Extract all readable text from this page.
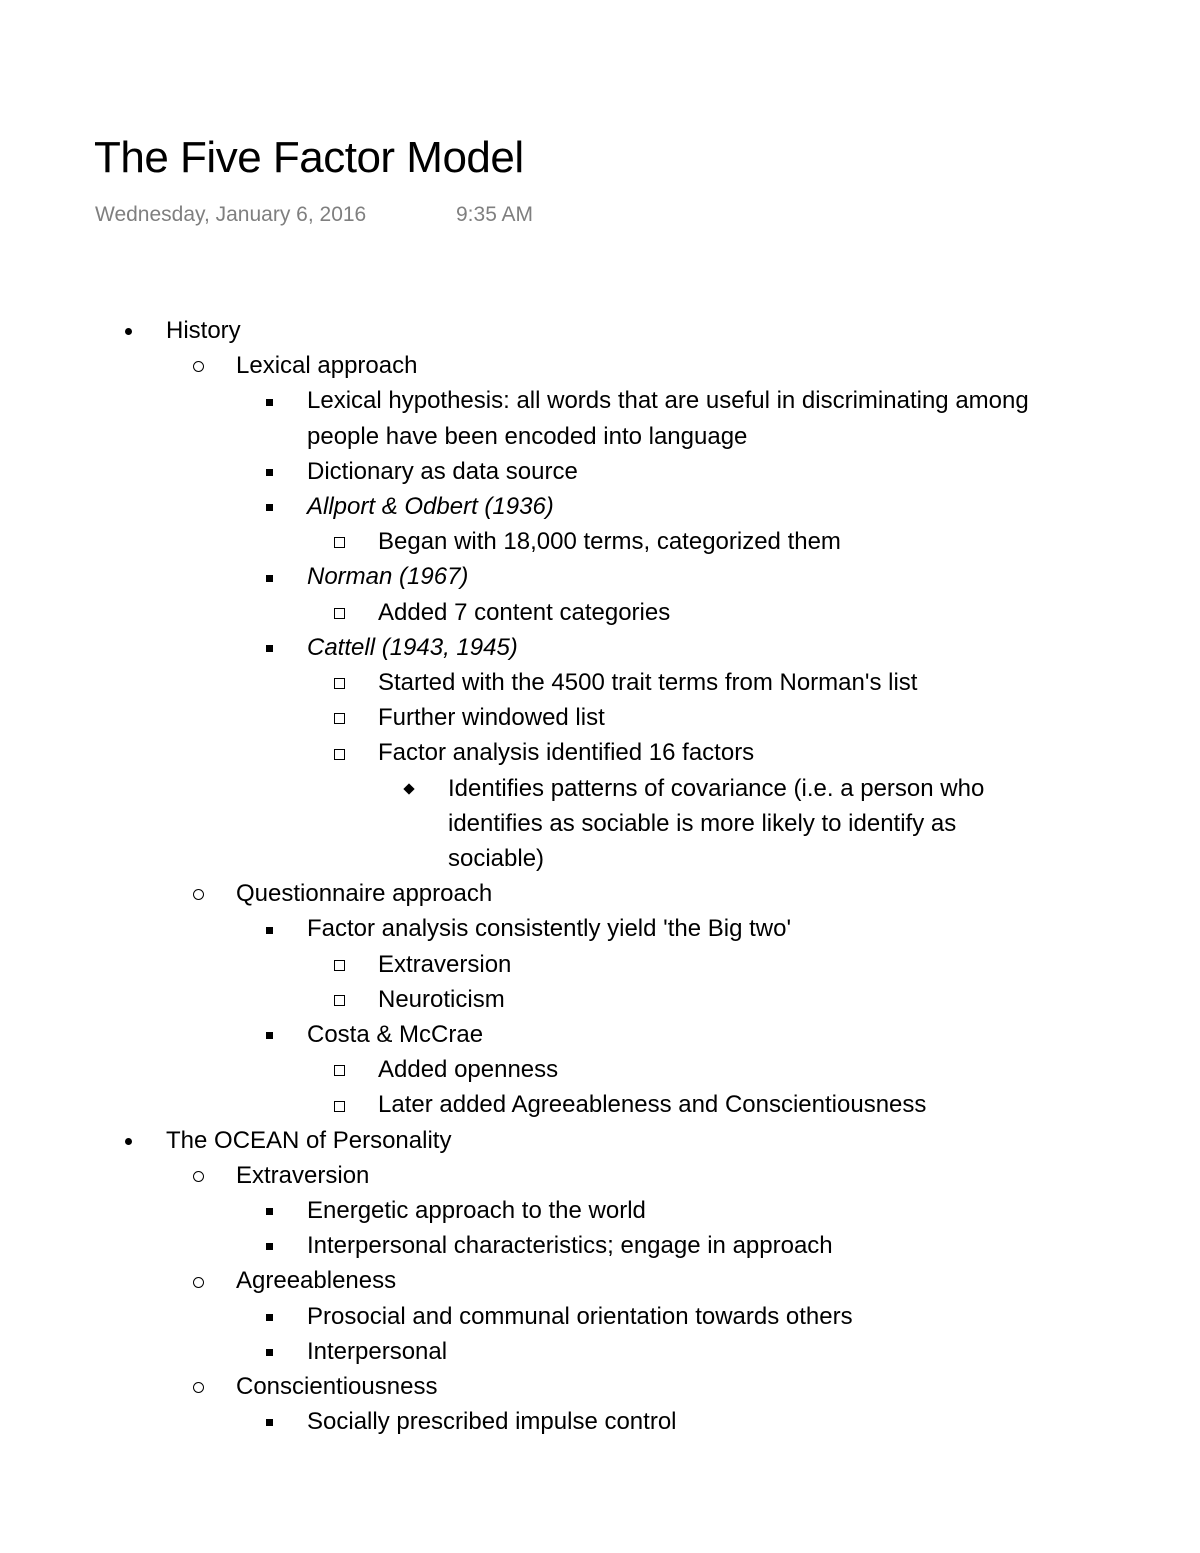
The Five Factor Model
Wednesday, January 6, 2016	9:35 AM
History
Lexical approach
Lexical hypothesis: all words that are useful in discriminating among people have been encoded into language
Dictionary as data source
Allport & Odbert (1936)
Began with 18,000 terms, categorized them
Norman (1967)
Added 7 content categories
Cattell (1943, 1945)
Started with the 4500 trait terms from Norman's list
Further windowed list
Factor analysis identified 16 factors
Identifies patterns of covariance (i.e. a person who identifies as sociable is more likely to identify as sociable)
Questionnaire approach
Factor analysis consistently yield 'the Big two'
Extraversion
Neuroticism
Costa & McCrae
Added openness
Later added Agreeableness and Conscientiousness
The OCEAN of Personality
Extraversion
Energetic approach to the world
Interpersonal characteristics; engage in approach
Agreeableness
Prosocial and communal orientation towards others
Interpersonal
Conscientiousness
Socially prescribed impulse control
